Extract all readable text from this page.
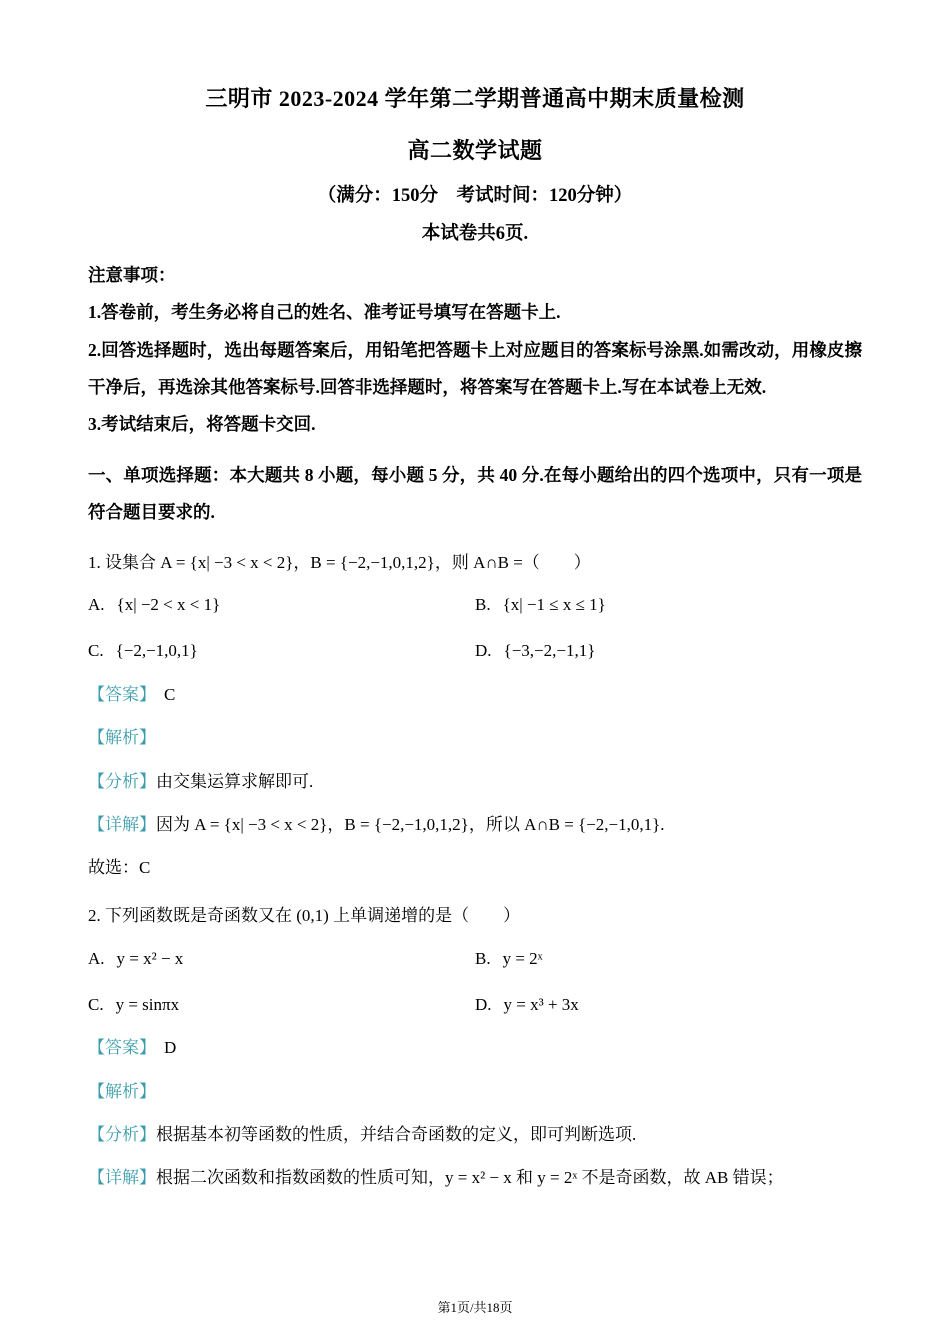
三明市 2023-2024 学年第二学期普通高中期末质量检测
高二数学试题

（满分：150分　考试时间：120分钟）

本试卷共6页.

注意事项：

1.答卷前，考生务必将自己的姓名、准考证号填写在答题卡上.

2.回答选择题时，选出每题答案后，用铅笔把答题卡上对应题目的答案标号涂黑.如需改动，用橡皮擦干净后，再选涂其他答案标号.回答非选择题时，将答案写在答题卡上.写在本试卷上无效.

3.考试结束后，将答题卡交回.

一、单项选择题：本大题共 8 小题，每小题 5 分，共 40 分.在每小题给出的四个选项中，只有一项是符合题目要求的.

1. 设集合 A = {x| −3 < x < 2}，B = {−2,−1,0,1,2}，则 A∩B =（　　）

A. {x| −2 < x < 1}	B. {x| −1 ≤ x ≤ 1}

C. {−2,−1,0,1}	D. {−3,−2,−1,1}

【答案】 C

【解析】

【分析】由交集运算求解即可.

【详解】因为 A = {x| −3 < x < 2}，B = {−2,−1,0,1,2}，所以 A∩B = {−2,−1,0,1}.

故选：C

2. 下列函数既是奇函数又在 (0,1) 上单调递增的是（　　）

A. y = x² − x	B. y = 2ˣ

C. y = sinπx	D. y = x³ + 3x

【答案】 D

【解析】

【分析】根据基本初等函数的性质，并结合奇函数的定义，即可判断选项.

【详解】根据二次函数和指数函数的性质可知，y = x² − x 和 y = 2ˣ 不是奇函数，故 AB 错误；

第1页/共18页
